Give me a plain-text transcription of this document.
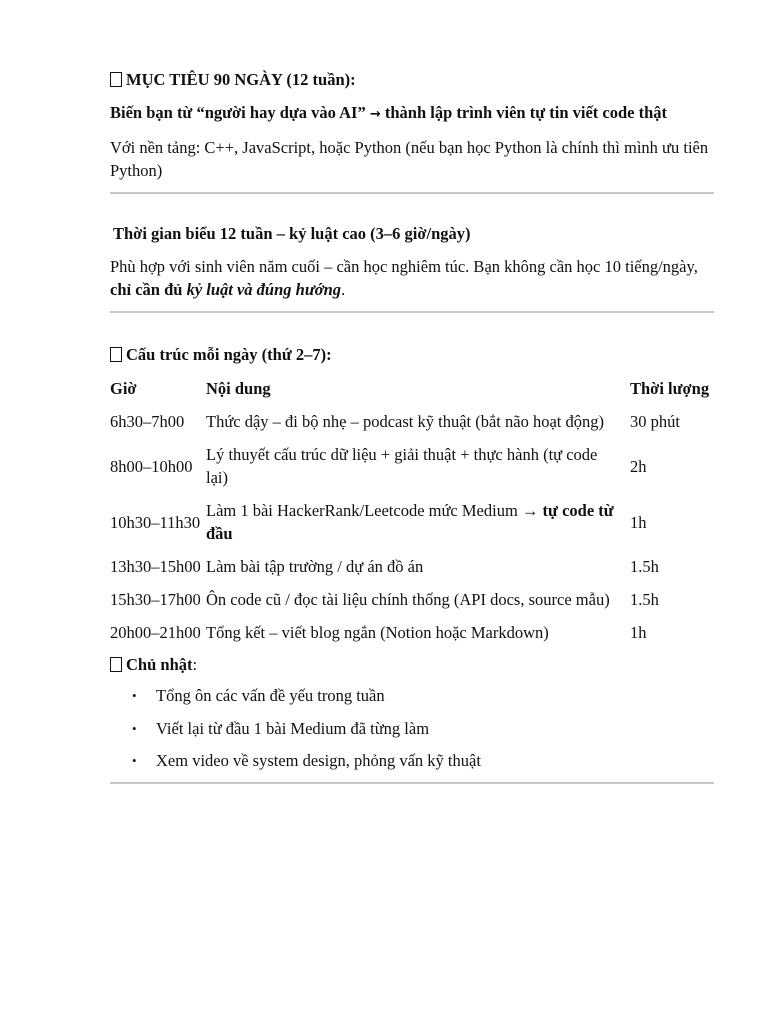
MỤC TIÊU 90 NGÀY (12 tuần):

Biến bạn từ “người hay dựa vào AI” → thành lập trình viên tự tin viết code thật

Với nền tảng: C++, JavaScript, hoặc Python (nếu bạn học Python là chính thì mình ưu tiên Python)

Thời gian biểu 12 tuần – kỷ luật cao (3–6 giờ/ngày)

Phù hợp với sinh viên năm cuối – cần học nghiêm túc. Bạn không cần học 10 tiếng/ngày, chỉ cần đủ kỷ luật và đúng hướng.

Cấu trúc mỗi ngày (thứ 2–7):

Giờ	Nội dung	Thời lượng
6h30–7h00	Thức dậy – đi bộ nhẹ – podcast kỹ thuật (bắt não hoạt động)	30 phút
8h00–10h00	Lý thuyết cấu trúc dữ liệu + giải thuật + thực hành (tự code lại)	2h
10h30–11h30	Làm 1 bài HackerRank/Leetcode mức Medium → tự code từ đầu	1h
13h30–15h00	Làm bài tập trường / dự án đồ án	1.5h
15h30–17h00	Ôn code cũ / đọc tài liệu chính thống (API docs, source mẫu)	1.5h
20h00–21h00	Tổng kết – viết blog ngắn (Notion hoặc Markdown)	1h

Chủ nhật:

• Tổng ôn các vấn đề yếu trong tuần
• Viết lại từ đầu 1 bài Medium đã từng làm
• Xem video về system design, phỏng vấn kỹ thuật
